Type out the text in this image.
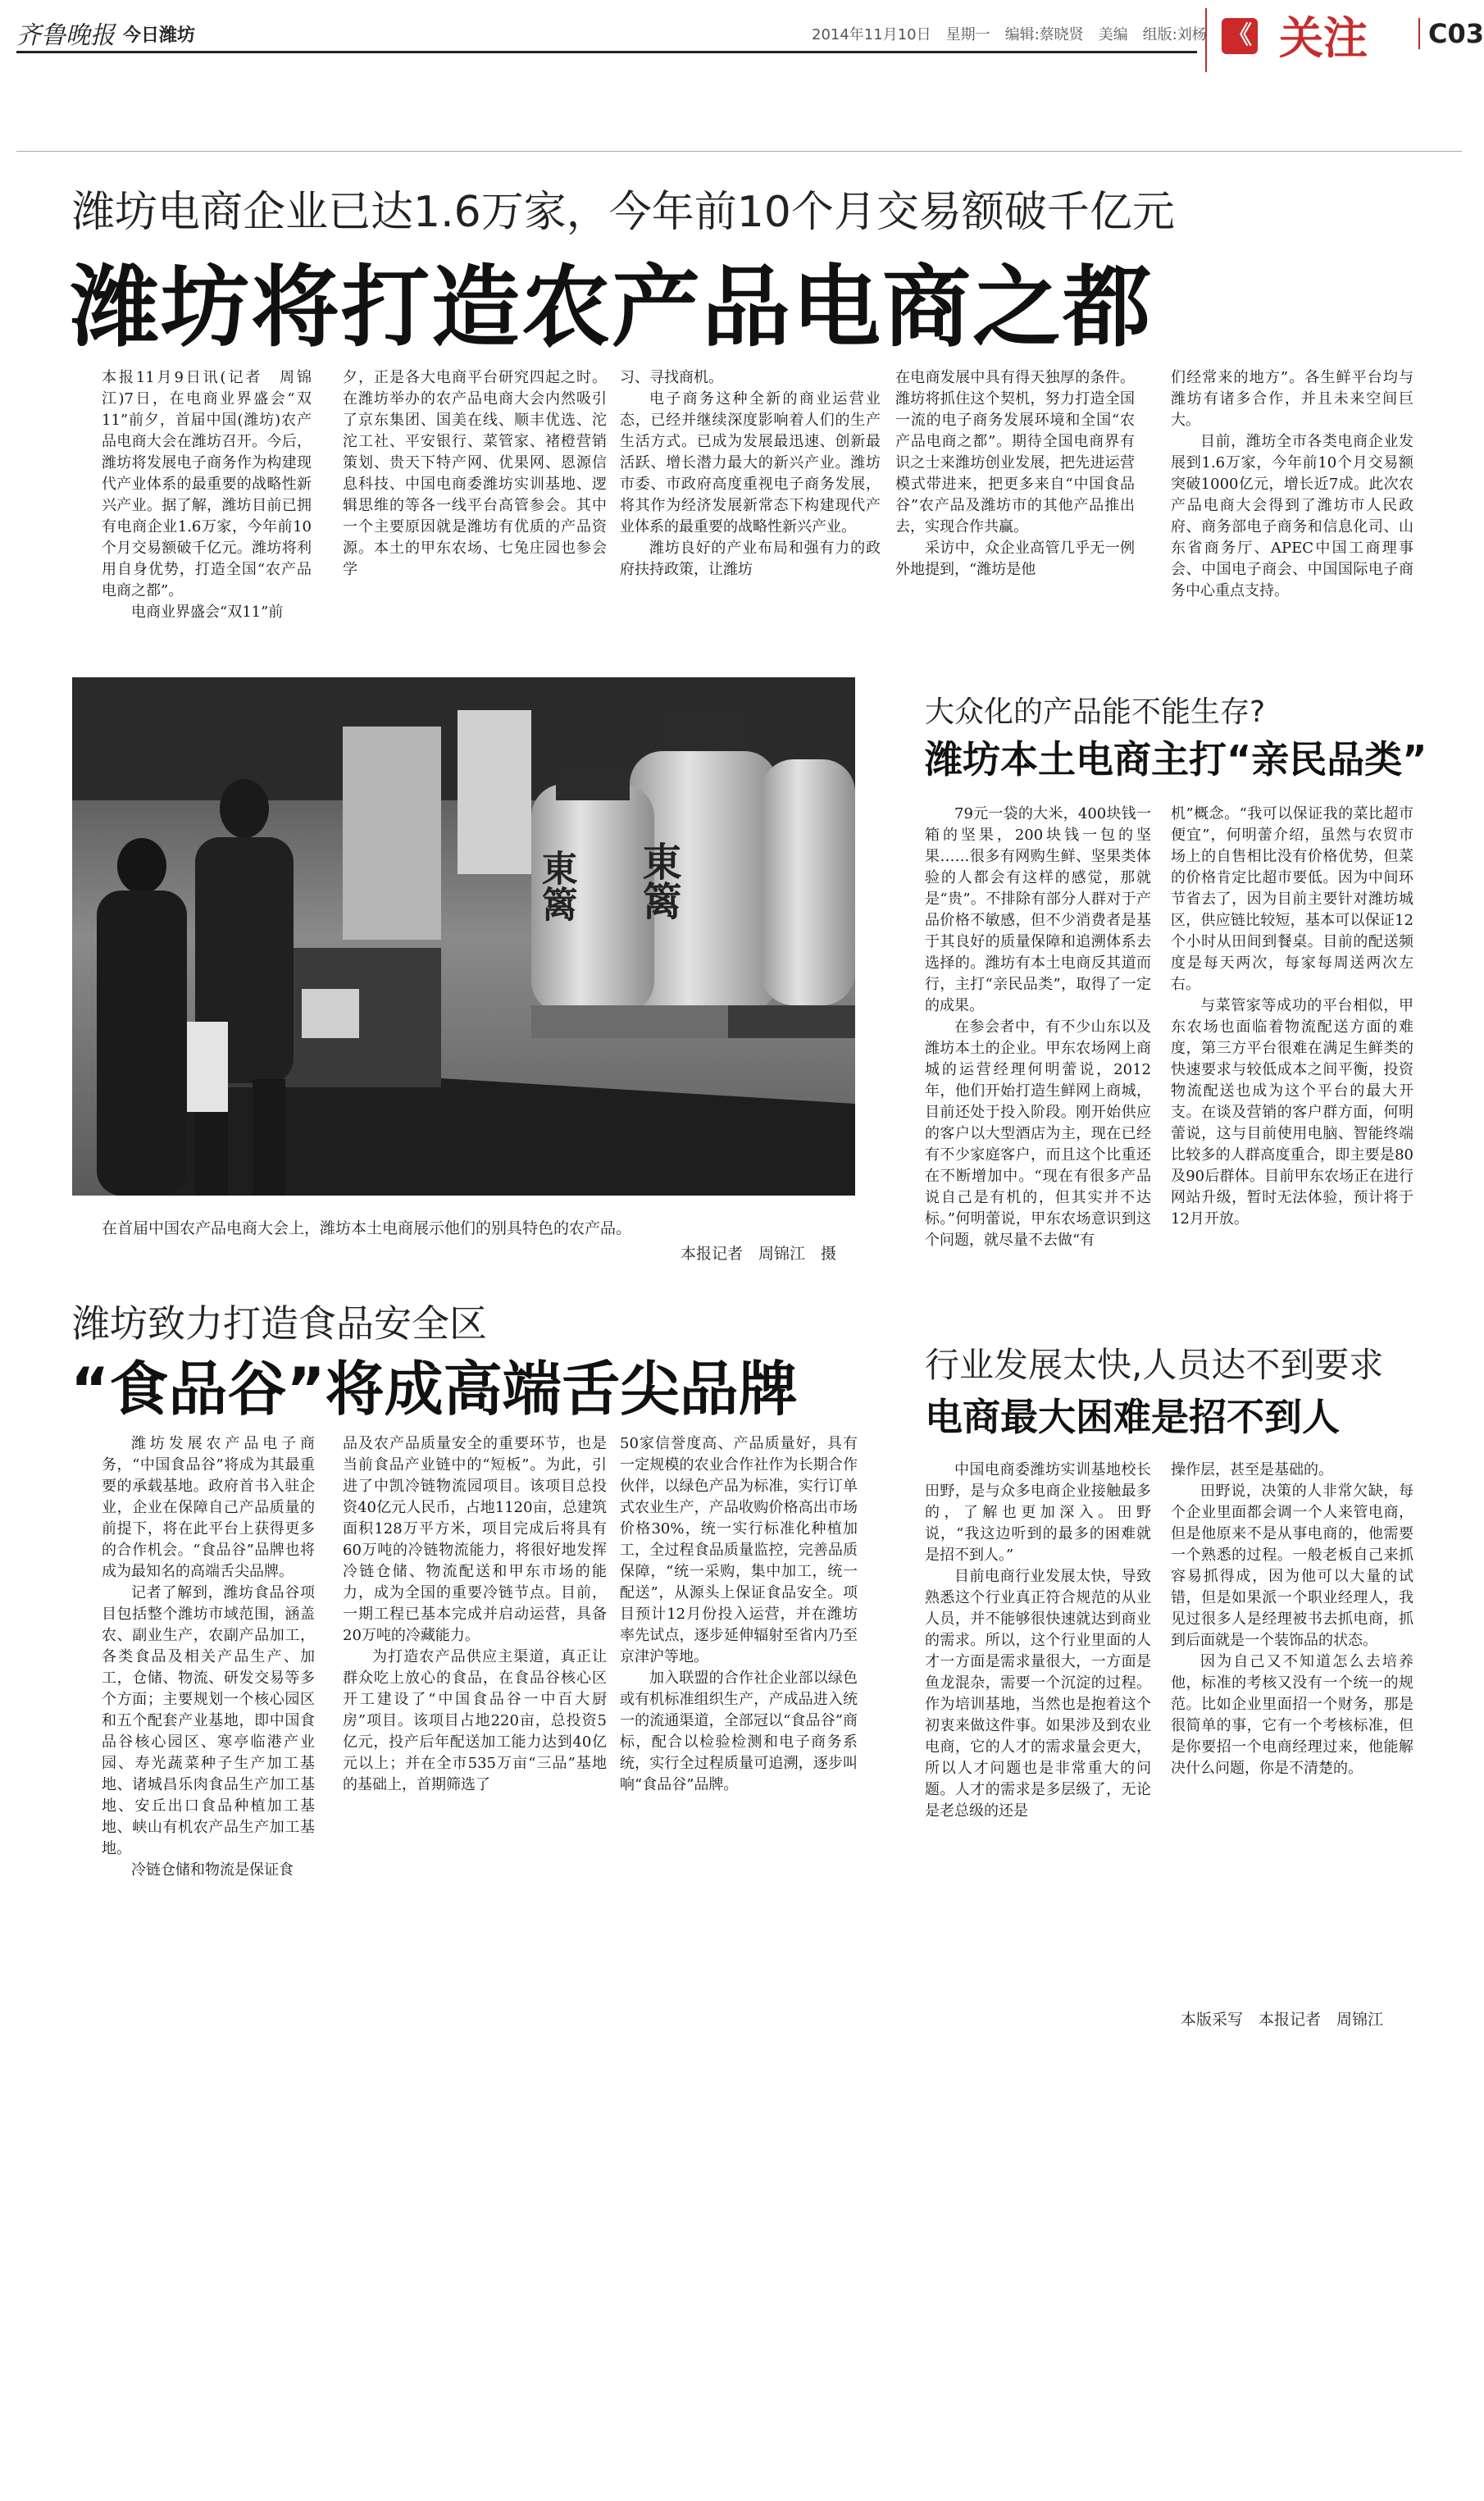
齐鲁晚报 今日潍坊	2014年11月10日　星期一　编辑:蔡晓贤　美编　组版:刘杨 《 关注	C03
潍坊电商企业已达1.6万家，今年前10个月交易额破千亿元
潍坊将打造农产品电商之都

本报11月9日讯(记者　周锦江)7日，在电商业界盛会“双11”前夕，首届中国(潍坊)农产品电商大会在潍坊召开。今后，潍坊将发展电子商务作为构建现代产业体系的最重要的战略性新兴产业。据了解，潍坊目前已拥有电商企业1.6万家，今年前10个月交易额破千亿元。潍坊将利用自身优势，打造全国“农产品电商之都”。

电商业界盛会“双11”前

夕，正是各大电商平台研究四起之时。在潍坊举办的农产品电商大会内然吸引了京东集团、国美在线、顺丰优选、沱沱工社、平安银行、菜管家、褚橙营销策划、贵天下特产网、优果网、恩源信息科技、中国电商委潍坊实训基地、逻辑思维的等各一线平台高管参会。其中一个主要原因就是潍坊有优质的产品资源。本土的甲东农场、七兔庄园也参会学

习、寻找商机。

电子商务这种全新的商业运营业态，已经并继续深度影响着人们的生产生活方式。已成为发展最迅速、创新最活跃、增长潜力最大的新兴产业。潍坊市委、市政府高度重视电子商务发展，将其作为经济发展新常态下构建现代产业体系的最重要的战略性新兴产业。

潍坊良好的产业布局和强有力的政府扶持政策，让潍坊

在电商发展中具有得天独厚的条件。潍坊将抓住这个契机，努力打造全国一流的电子商务发展环境和全国“农产品电商之都”。期待全国电商界有识之士来潍坊创业发展，把先进运营模式带进来，把更多来自“中国食品谷”农产品及潍坊市的其他产品推出去，实现合作共赢。

采访中，众企业高管几乎无一例外地提到，“潍坊是他

们经常来的地方”。各生鲜平台均与潍坊有诸多合作，并且未来空间巨大。

目前，潍坊全市各类电商企业发展到1.6万家，今年前10个月交易额突破1000亿元，增长近7成。此次农产品电商大会得到了潍坊市人民政府、商务部电子商务和信息化司、山东省商务厅、APEC中国工商理事会、中国电子商会、中国国际电子商务中心重点支持。

東篱 東篱
在首届中国农产品电商大会上，潍坊本土电商展示他们的别具特色的农产品。
本报记者　周锦江　摄
大众化的产品能不能生存?
潍坊本土电商主打“亲民品类”

79元一袋的大米，400块钱一箱的坚果，200块钱一包的坚果……很多有网购生鲜、坚果类体验的人都会有这样的感觉，那就是“贵”。不排除有部分人群对于产品价格不敏感，但不少消费者是基于其良好的质量保障和追溯体系去选择的。潍坊有本土电商反其道而行，主打“亲民品类”，取得了一定的成果。

在参会者中，有不少山东以及潍坊本土的企业。甲东农场网上商城的运营经理何明蕾说，2012年，他们开始打造生鲜网上商城，目前还处于投入阶段。刚开始供应的客户以大型酒店为主，现在已经有不少家庭客户，而且这个比重还在不断增加中。“现在有很多产品说自己是有机的，但其实并不达标。”何明蕾说，甲东农场意识到这个问题，就尽量不去做“有

机”概念。“我可以保证我的菜比超市便宜”，何明蕾介绍，虽然与农贸市场上的自售相比没有价格优势，但菜的价格肯定比超市要低。因为中间环节省去了，因为目前主要针对潍坊城区，供应链比较短，基本可以保证12个小时从田间到餐桌。目前的配送频度是每天两次，每家每周送两次左右。

与菜管家等成功的平台相似，甲东农场也面临着物流配送方面的难度，第三方平台很难在满足生鲜类的快速要求与较低成本之间平衡，投资物流配送也成为这个平台的最大开支。在谈及营销的客户群方面，何明蕾说，这与目前使用电脑、智能终端比较多的人群高度重合，即主要是80及90后群体。目前甲东农场正在进行网站升级，暂时无法体验，预计将于12月开放。

潍坊致力打造食品安全区
“食品谷”将成高端舌尖品牌

潍坊发展农产品电子商务，“中国食品谷”将成为其最重要的承载基地。政府首书入驻企业，企业在保障自己产品质量的前提下，将在此平台上获得更多的合作机会。“食品谷”品牌也将成为最知名的高端舌尖品牌。

记者了解到，潍坊食品谷项目包括整个潍坊市域范围，涵盖农、副业生产，农副产品加工，各类食品及相关产品生产、加工，仓储、物流、研发交易等多个方面；主要规划一个核心园区和五个配套产业基地，即中国食品谷核心园区、寒亭临港产业园、寿光蔬菜种子生产加工基地、诸城昌乐肉食品生产加工基地、安丘出口食品种植加工基地、峡山有机农产品生产加工基地。

冷链仓储和物流是保证食

品及农产品质量安全的重要环节，也是当前食品产业链中的“短板”。为此，引进了中凯冷链物流园项目。该项目总投资40亿元人民币，占地1120亩，总建筑面积128万平方米，项目完成后将具有60万吨的冷链物流能力，将很好地发挥冷链仓储、物流配送和甲东市场的能力，成为全国的重要冷链节点。目前，一期工程已基本完成并启动运营，具备20万吨的冷藏能力。

为打造农产品供应主渠道，真正让群众吃上放心的食品，在食品谷核心区开工建设了“中国食品谷一中百大厨房”项目。该项目占地220亩，总投资5亿元，投产后年配送加工能力达到40亿元以上；并在全市535万亩“三品”基地的基础上，首期筛选了

50家信誉度高、产品质量好，具有一定规模的农业合作社作为长期合作伙伴，以绿色产品为标准，实行订单式农业生产，产品收购价格高出市场价格30%，统一实行标准化种植加工，全过程食品质量监控，完善品质保障，“统一采购，集中加工，统一配送”，从源头上保证食品安全。项目预计12月份投入运营，并在潍坊率先试点，逐步延伸辐射至省内乃至京津沪等地。

加入联盟的合作社企业部以绿色或有机标准组织生产，产成品进入统一的流通渠道，全部冠以“食品谷”商标，配合以检验检测和电子商务系统，实行全过程质量可追溯，逐步叫响“食品谷”品牌。

行业发展太快,人员达不到要求
电商最大困难是招不到人

中国电商委潍坊实训基地校长田野，是与众多电商企业接触最多的，了解也更加深入。田野说，“我这边听到的最多的困难就是招不到人。”

目前电商行业发展太快，导致熟悉这个行业真正符合规范的从业人员，并不能够很快速就达到商业的需求。所以，这个行业里面的人才一方面是需求量很大，一方面是鱼龙混杂，需要一个沉淀的过程。作为培训基地，当然也是抱着这个初衷来做这件事。如果涉及到农业电商，它的人才的需求量会更大，所以人才问题也是非常重大的问题。人才的需求是多层级了，无论是老总级的还是

操作层，甚至是基础的。

田野说，决策的人非常欠缺，每个企业里面都会调一个人来管电商，但是他原来不是从事电商的，他需要一个熟悉的过程。一般老板自己来抓容易抓得成，因为他可以大量的试错，但是如果派一个职业经理人，我见过很多人是经理被书去抓电商，抓到后面就是一个装饰品的状态。

因为自己又不知道怎么去培养他，标准的考核又没有一个统一的规范。比如企业里面招一个财务，那是很简单的事，它有一个考核标准，但是你要招一个电商经理过来，他能解决什么问题，你是不清楚的。

本版采写　本报记者　周锦江
